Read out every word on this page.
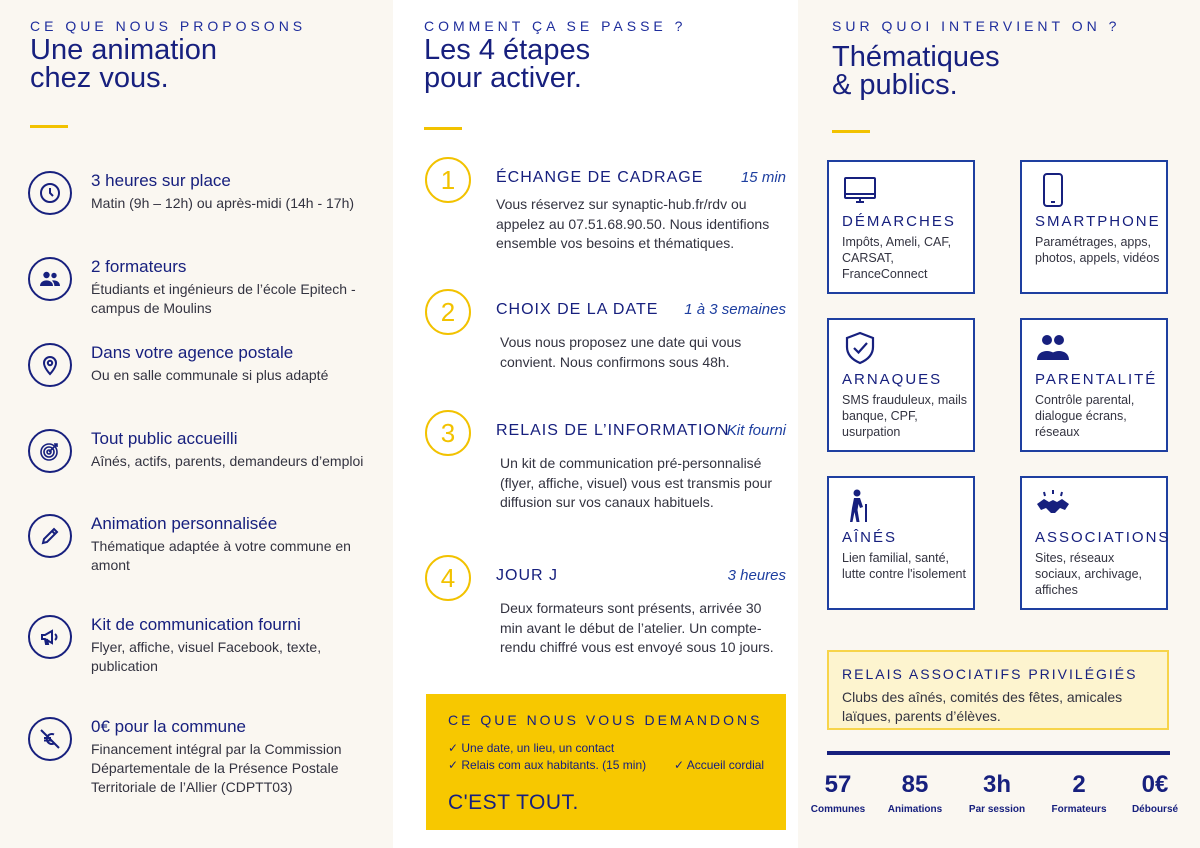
CE QUE NOUS PROPOSONS
Une animation
chez vous.
3 heures sur place
Matin (9h – 12h) ou après-midi (14h - 17h)
2 formateurs
Étudiants et ingénieurs de l’école Epitech - campus de Moulins
Dans votre agence postale
Ou en salle communale si plus adapté
Tout public accueilli
Aînés, actifs, parents, demandeurs d’emploi
Animation personnalisée
Thématique adaptée à votre commune en amont
Kit de communication fourni
Flyer, affiche, visuel Facebook, texte, publication
0€ pour la commune
Financement intégral par la Commission Départementale de la Présence Postale Territoriale de l’Allier (CDPTT03)
COMMENT ÇA SE PASSE ?
Les 4 étapes
pour activer.
1	ÉCHANGE DE CADRAGE	15 min
Vous réservez sur synaptic-hub.fr/rdv ou appelez au 07.51.68.90.50. Nous identifions ensemble vos besoins et thématiques.
2	CHOIX DE LA DATE 1 à 3 semaines
Vous nous proposez une date qui vous convient. Nous confirmons sous 48h.
3	RELAIS DE L’INFORMATION
Kit fourni
Un kit de communication pré-personnalisé (flyer, affiche, visuel) vous est transmis pour diffusion sur vos canaux habituels.
4	JOUR J	3 heures
Deux formateurs sont présents, arrivée 30 min avant le début de l’atelier. Un compte-rendu chiffré vous est envoyé sous 10 jours.
CE QUE NOUS VOUS DEMANDONS
✓ Une date, un lieu, un contact
✓ Relais com aux habitants. (15 min) ✓ Accueil cordial
C'EST TOUT.
SUR QUOI INTERVIENT ON ?
Thématiques
& publics.
DÉMARCHES
Impôts, Ameli, CAF, CARSAT, FranceConnect
SMARTPHONE
Paramétrages, apps, photos, appels, vidéos
ARNAQUES
SMS frauduleux, mails banque, CPF, usurpation
PARENTALITÉ
Contrôle parental, dialogue écrans, réseaux
AÎNÉS
Lien familial, santé, lutte contre l'isolement
ASSOCIATIONS
Sites, réseaux sociaux, archivage, affiches
RELAIS ASSOCIATIFS PRIVILÉGIÉS
Clubs des aînés, comités des fêtes, amicales laïques, parents d’élèves.
57
Communes
85
Animations
3h
Par session
2
Formateurs
0€
Déboursé
